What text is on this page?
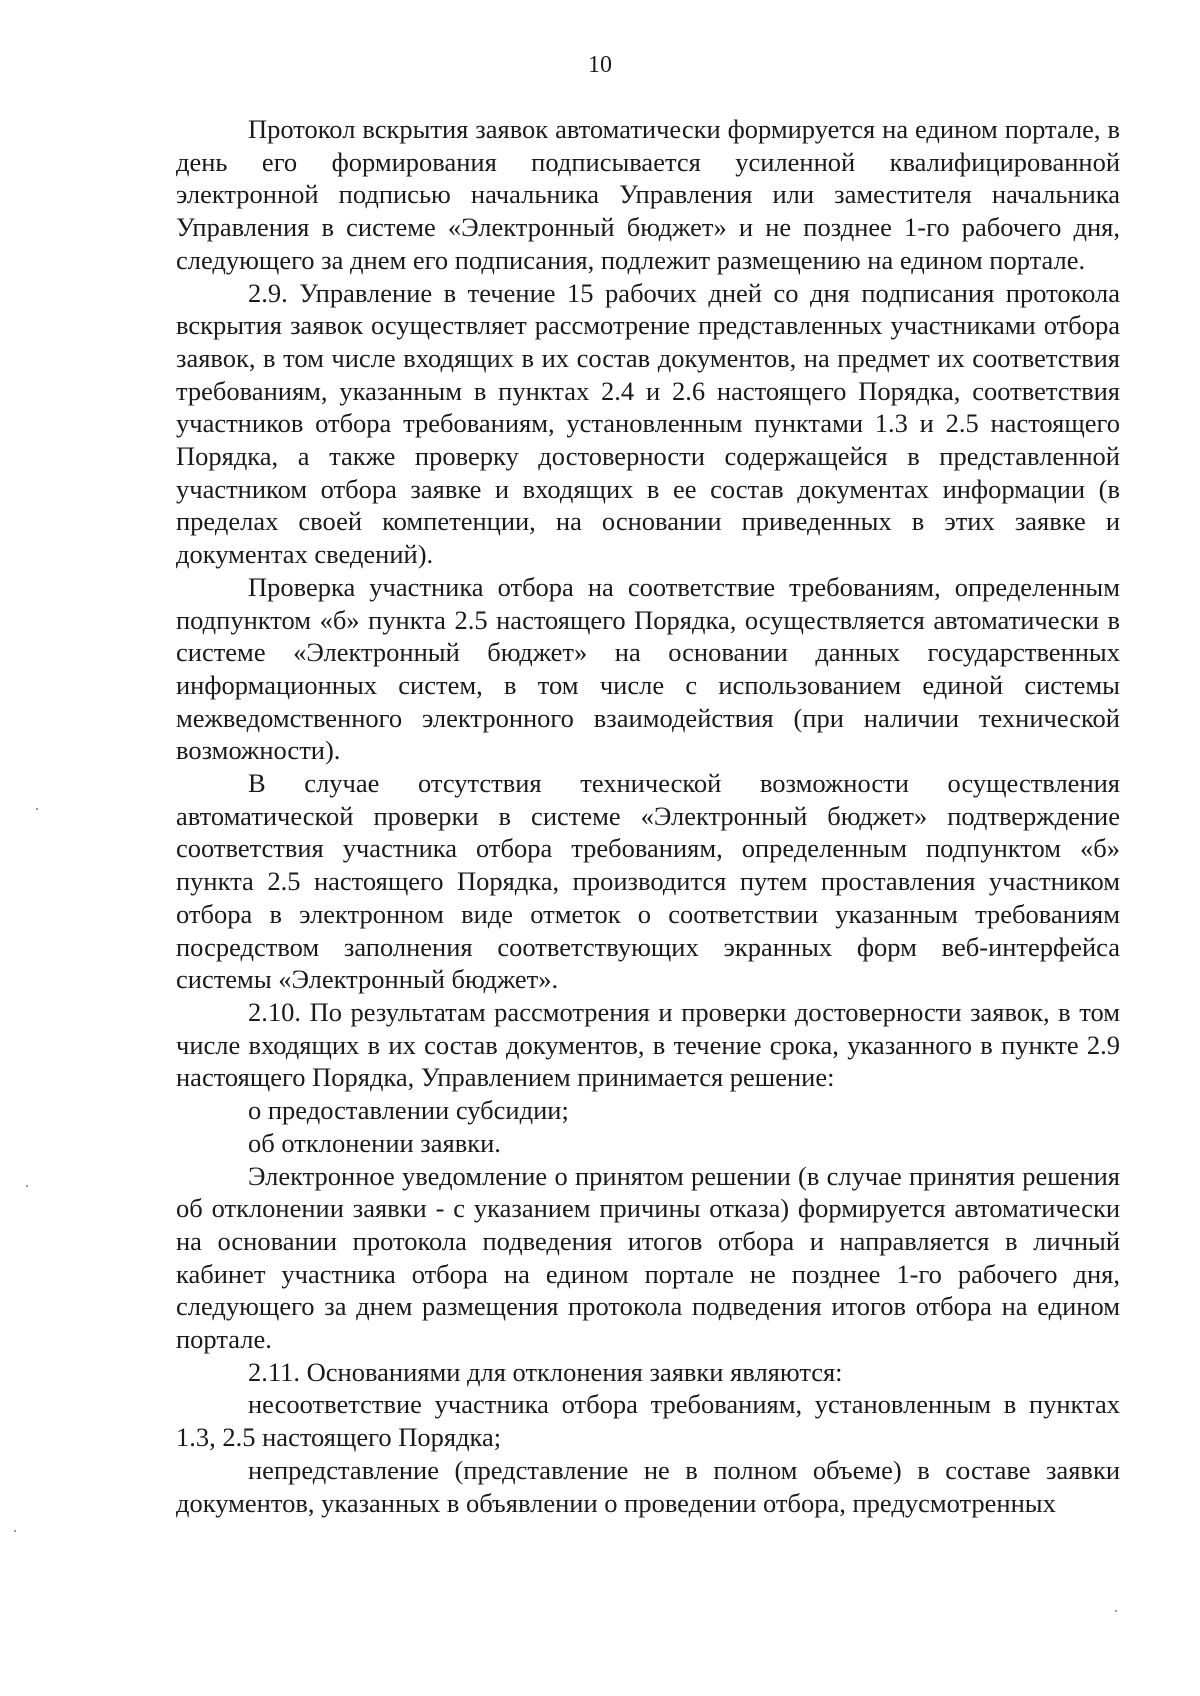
10

Протокол вскрытия заявок автоматически формируется на едином портале, в день его формирования подписывается усиленной квалифицированной электронной подписью начальника Управления или заместителя начальника Управления в системе «Электронный бюджет» и не позднее 1-го рабочего дня, следующего за днем его подписания, подлежит размещению на едином портале.

2.9. Управление в течение 15 рабочих дней со дня подписания протокола вскрытия заявок осуществляет рассмотрение представленных участниками отбора заявок, в том числе входящих в их состав документов, на предмет их соответствия требованиям, указанным в пунктах 2.4 и 2.6 настоящего Порядка, соответствия участников отбора требованиям, установленным пунктами 1.3 и 2.5 настоящего Порядка, а также проверку достоверности содержащейся в представленной участником отбора заявке и входящих в ее состав документах информации (в пределах своей компетенции, на основании приведенных в этих заявке и документах сведений).

Проверка участника отбора на соответствие требованиям, определенным подпунктом «б» пункта 2.5 настоящего Порядка, осуществляется автоматически в системе «Электронный бюджет» на основании данных государственных информационных систем, в том числе с использованием единой системы межведомственного электронного взаимодействия (при наличии технической возможности).

В случае отсутствия технической возможности осуществления автоматической проверки в системе «Электронный бюджет» подтверждение соответствия участника отбора требованиям, определенным подпунктом «б» пункта 2.5 настоящего Порядка, производится путем проставления участником отбора в электронном виде отметок о соответствии указанным требованиям посредством заполнения соответствующих экранных форм веб-интерфейса системы «Электронный бюджет».

2.10. По результатам рассмотрения и проверки достоверности заявок, в том числе входящих в их состав документов, в течение срока, указанного в пункте 2.9 настоящего Порядка, Управлением принимается решение:

о предоставлении субсидии;

об отклонении заявки.

Электронное уведомление о принятом решении (в случае принятия решения об отклонении заявки - с указанием причины отказа) формируется автоматически на основании протокола подведения итогов отбора и направляется в личный кабинет участника отбора на едином портале не позднее 1-го рабочего дня, следующего за днем размещения протокола подведения итогов отбора на едином портале.

2.11. Основаниями для отклонения заявки являются:

несоответствие участника отбора требованиям, установленным в пунктах 1.3, 2.5 настоящего Порядка;

непредставление (представление не в полном объеме) в составе заявки документов, указанных в объявлении о проведении отбора, предусмотренных
